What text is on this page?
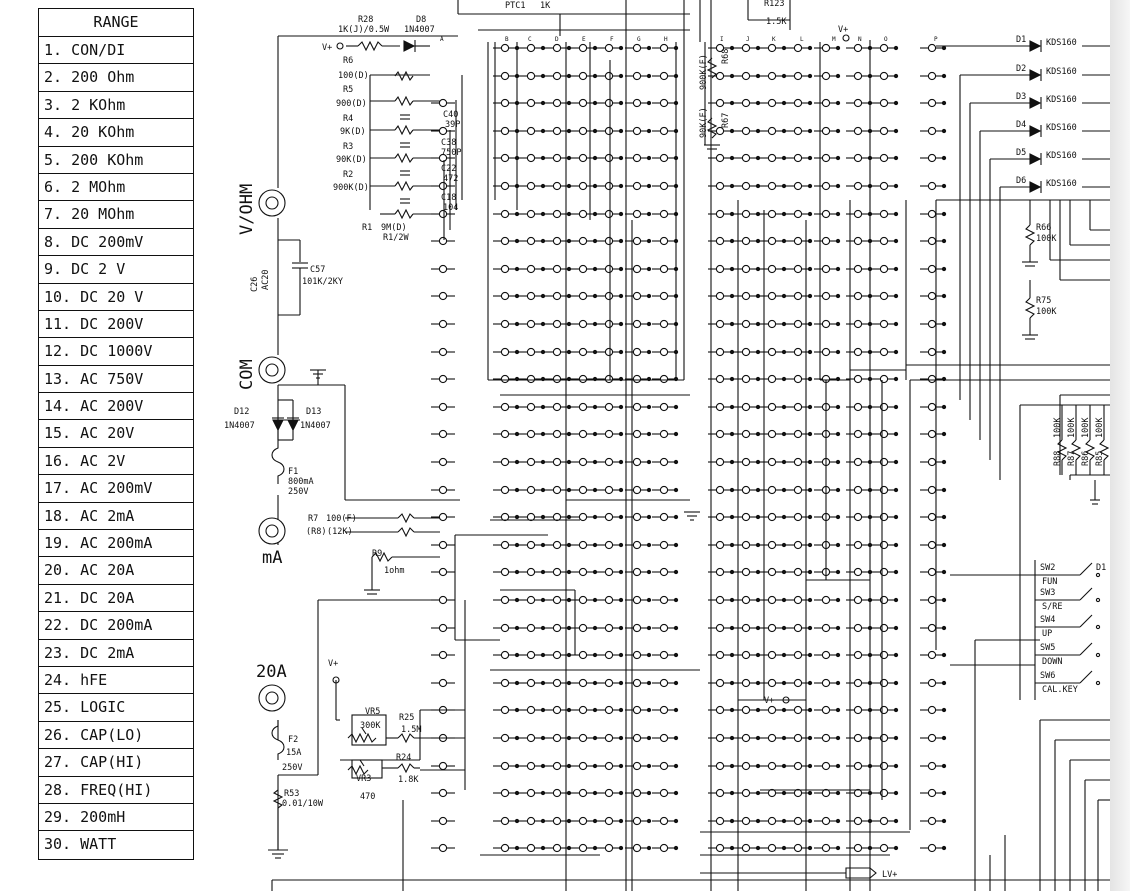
RANGE
1. CON/DI
2. 200 Ohm
3. 2 KOhm
4. 20 KOhm
5. 200 KOhm
6. 2 MOhm
7. 20 MOhm
8. DC 200mV
9. DC 2 V
10. DC 20 V
11. DC 200V
12. DC 1000V
13. AC 750V
14. AC 200V
15. AC 20V
16. AC 2V
17. AC 200mV
18. AC 2mA
19. AC 200mA
20. AC 20A
21. DC 20A
22. DC 200mA
23. DC 2mA
24. hFE
25. LOGIC
26. CAP(LO)
27. CAP(HI)
28. FREQ(HI)
29. 200mH
30. WATT
V/OHM
COM
mA
20A
R28
1K(J)/0.5W
D8
1N4007
PTC1 1K	R123
1.5K
V+
R6
100(D)
R5
900(D)
R4
9K(D)
R3
90K(D)
R2
900K(D)
R1 9M(D)
R1/2W
C40
39P
C38
750P
C22
472
C18
104
C26 AC20	C57
101K/2KY
R68
900K(F)
R67
90K(F)
V+
D12
1N4007
D13
1N4007
F1
800mA
250V
R7 100(F)
(R8) (12K)
R9
1ohm
V+
VR5
300K
R25
1.5M
R24
1.8K
VR3
470
F2
15A
250V
R53
0.01/10W
V+
LV+
R66
100K
R75
100K
R88 R87 R86 R85
100K 100K 100K 100K
D1
D1 KDS160
D2 KDS160
D3 KDS160
D4 KDS160
D5 KDS160
D6 KDS160
SW2
FUN
SW3
S/RE
SW4
UP
SW5
DOWN
SW6
CAL.KEY
A	B	C	D	E	F	G	H	I	J	K	L	M	N	O	P
